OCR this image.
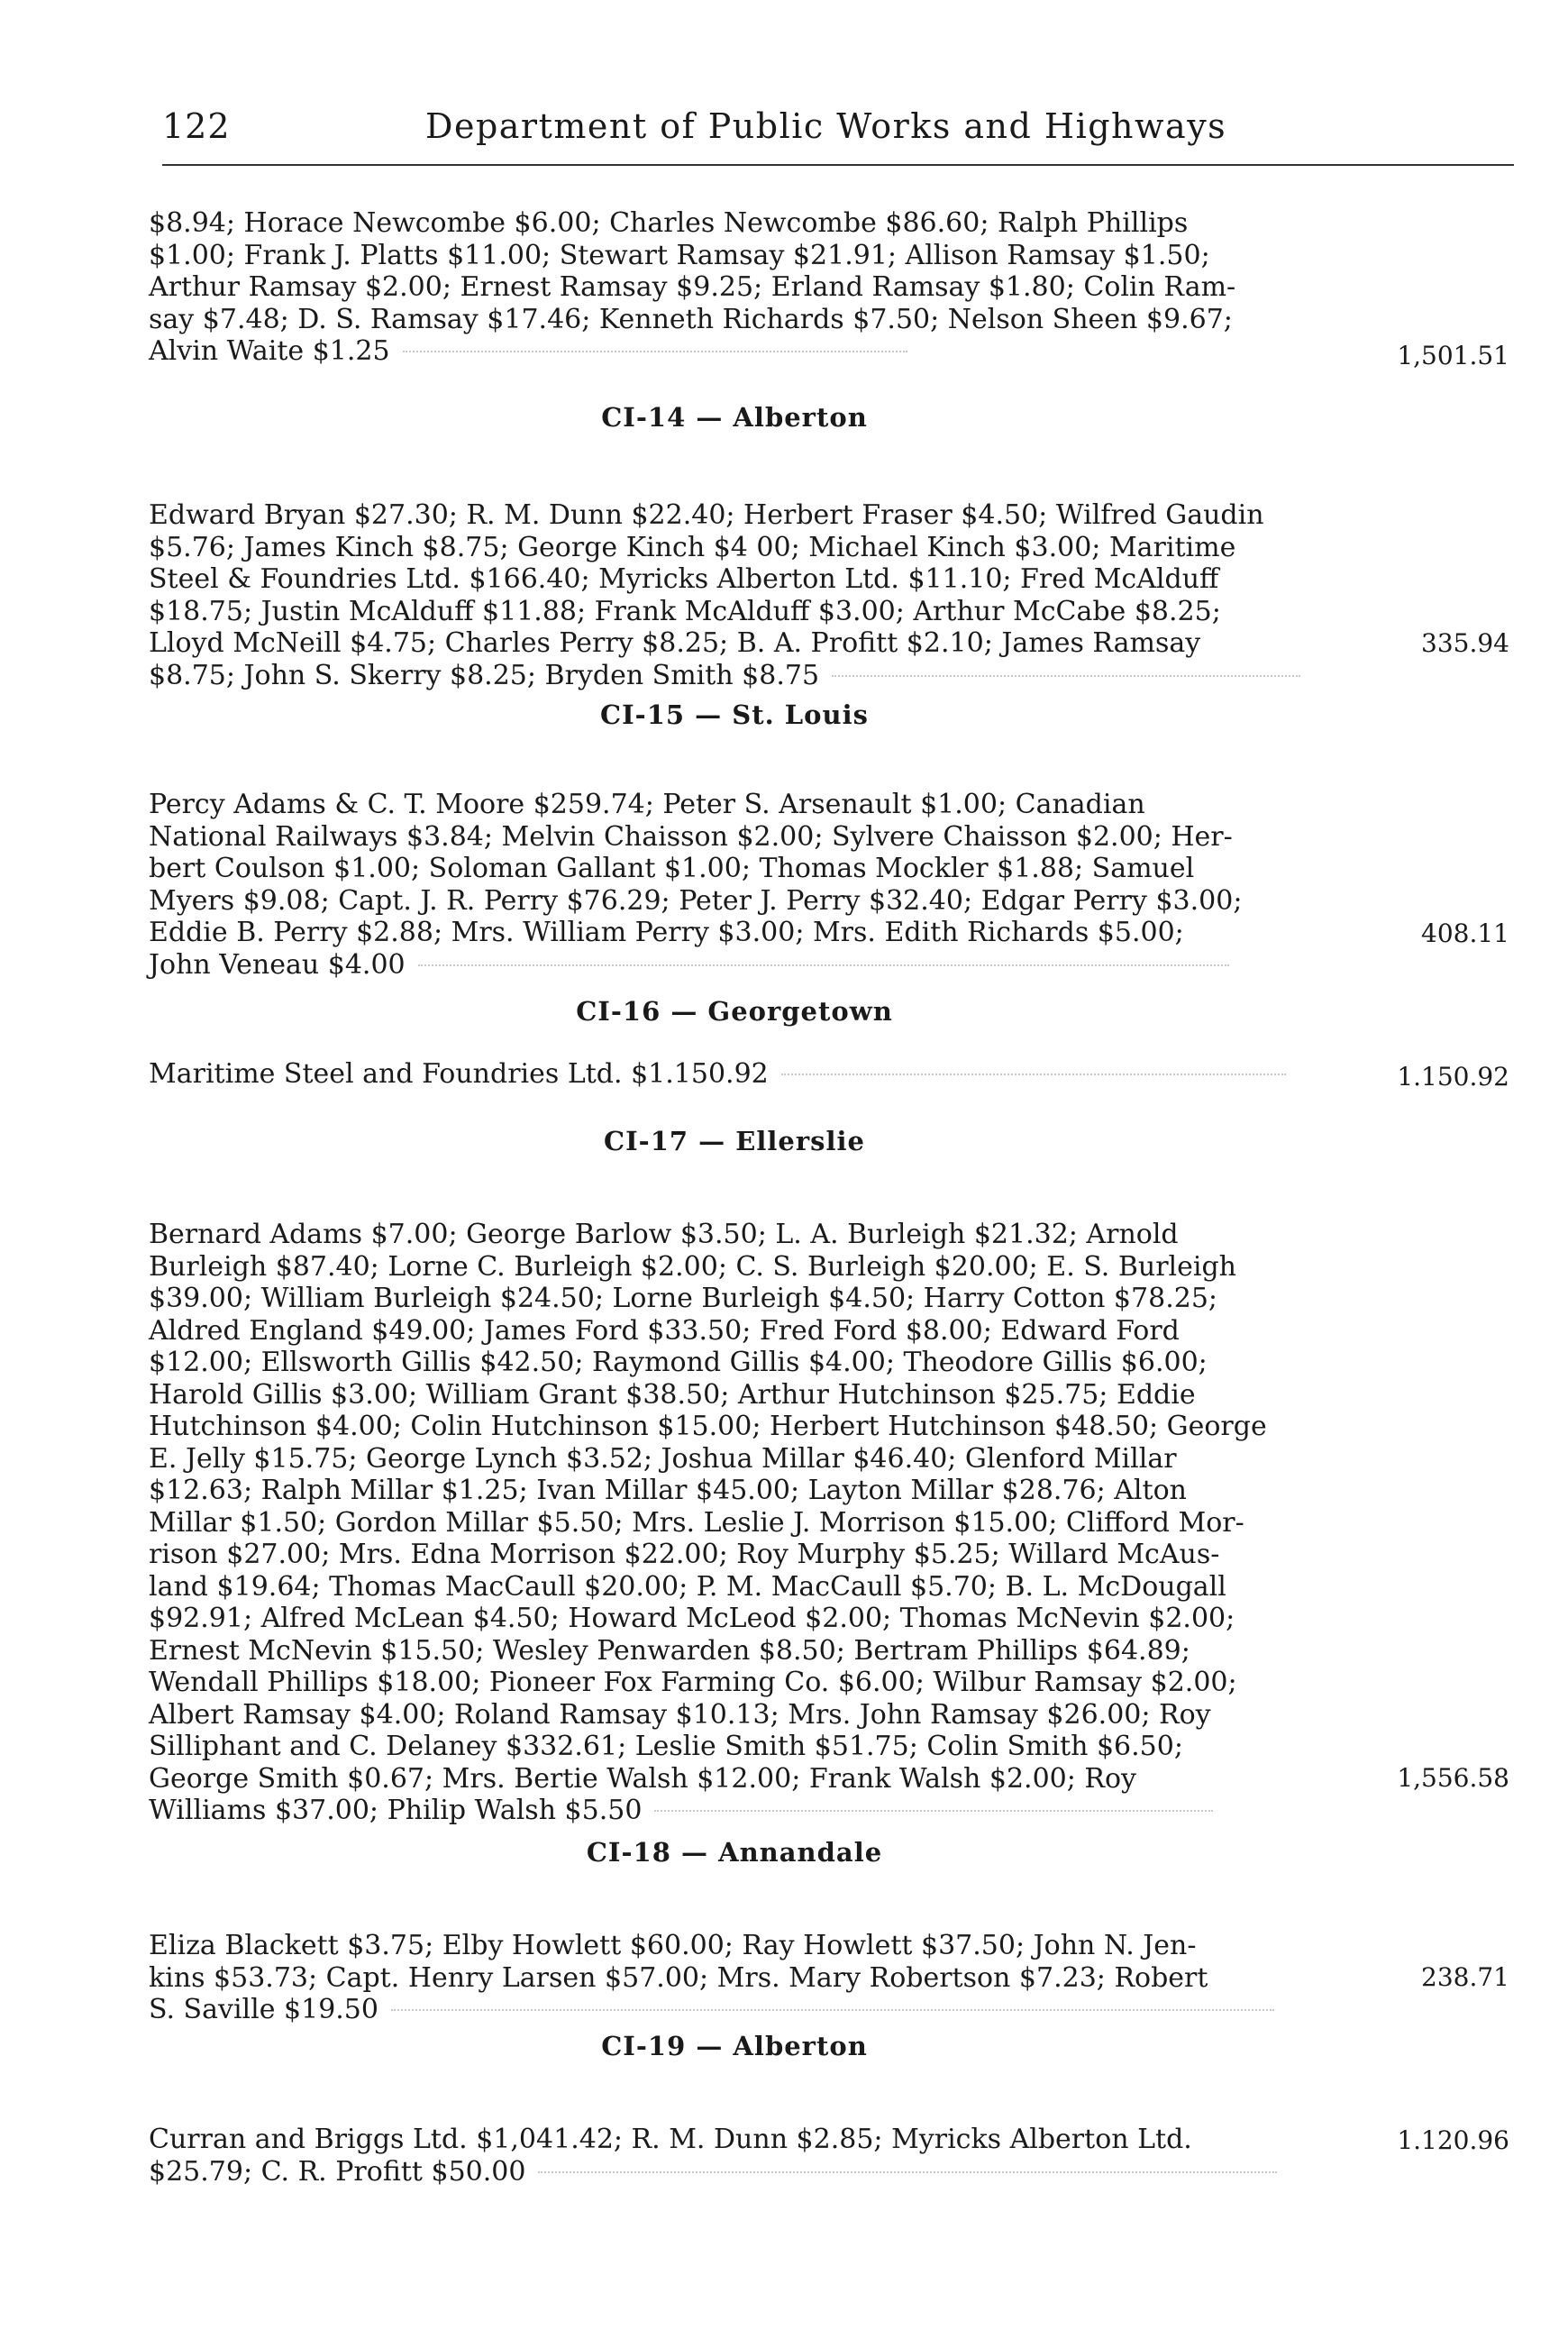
122	Department of Public Works and Highways
$8.94; Horace Newcombe $6.00; Charles Newcombe $86.60; Ralph Phillips
$1.00; Frank J. Platts $11.00; Stewart Ramsay $21.91; Allison Ramsay $1.50;
Arthur Ramsay $2.00; Ernest Ramsay $9.25; Erland Ramsay $1.80; Colin Ram-
say $7.48; D. S. Ramsay $17.46; Kenneth Richards $7.50; Nelson Sheen $9.67;
Alvin Waite $1.25	1,501.51
CI-14 — Alberton
Edward Bryan $27.30; R. M. Dunn $22.40; Herbert Fraser $4.50; Wilfred Gaudin
$5.76; James Kinch $8.75; George Kinch $4 00; Michael Kinch $3.00; Maritime
Steel & Foundries Ltd. $166.40; Myricks Alberton Ltd. $11.10; Fred McAlduff
$18.75; Justin McAlduff $11.88; Frank McAlduff $3.00; Arthur McCabe $8.25;
Lloyd McNeill $4.75; Charles Perry $8.25; B. A. Profitt $2.10; James Ramsay
$8.75; John S. Skerry $8.25; Bryden Smith $8.75
335.94
CI-15 — St. Louis
Percy Adams & C. T. Moore $259.74; Peter S. Arsenault $1.00; Canadian
National Railways $3.84; Melvin Chaisson $2.00; Sylvere Chaisson $2.00; Her-
bert Coulson $1.00; Soloman Gallant $1.00; Thomas Mockler $1.88; Samuel
Myers $9.08; Capt. J. R. Perry $76.29; Peter J. Perry $32.40; Edgar Perry $3.00;
Eddie B. Perry $2.88; Mrs. William Perry $3.00; Mrs. Edith Richards $5.00;
John Veneau $4.00
408.11
CI-16 — Georgetown
Maritime Steel and Foundries Ltd. $1.150.92	1.150.92
CI-17 — Ellerslie
Bernard Adams $7.00; George Barlow $3.50; L. A. Burleigh $21.32; Arnold
Burleigh $87.40; Lorne C. Burleigh $2.00; C. S. Burleigh $20.00; E. S. Burleigh
$39.00; William Burleigh $24.50; Lorne Burleigh $4.50; Harry Cotton $78.25;
Aldred England $49.00; James Ford $33.50; Fred Ford $8.00; Edward Ford
$12.00; Ellsworth Gillis $42.50; Raymond Gillis $4.00; Theodore Gillis $6.00;
Harold Gillis $3.00; William Grant $38.50; Arthur Hutchinson $25.75; Eddie
Hutchinson $4.00; Colin Hutchinson $15.00; Herbert Hutchinson $48.50; George
E. Jelly $15.75; George Lynch $3.52; Joshua Millar $46.40; Glenford Millar
$12.63; Ralph Millar $1.25; Ivan Millar $45.00; Layton Millar $28.76; Alton
Millar $1.50; Gordon Millar $5.50; Mrs. Leslie J. Morrison $15.00; Clifford Mor-
rison $27.00; Mrs. Edna Morrison $22.00; Roy Murphy $5.25; Willard McAus-
land $19.64; Thomas MacCaull $20.00; P. M. MacCaull $5.70; B. L. McDougall
$92.91; Alfred McLean $4.50; Howard McLeod $2.00; Thomas McNevin $2.00;
Ernest McNevin $15.50; Wesley Penwarden $8.50; Bertram Phillips $64.89;
Wendall Phillips $18.00; Pioneer Fox Farming Co. $6.00; Wilbur Ramsay $2.00;
Albert Ramsay $4.00; Roland Ramsay $10.13; Mrs. John Ramsay $26.00; Roy
Silliphant and C. Delaney $332.61; Leslie Smith $51.75; Colin Smith $6.50;
George Smith $0.67; Mrs. Bertie Walsh $12.00; Frank Walsh $2.00; Roy
Williams $37.00; Philip Walsh $5.50
1,556.58
CI-18 — Annandale
Eliza Blackett $3.75; Elby Howlett $60.00; Ray Howlett $37.50; John N. Jen-
kins $53.73; Capt. Henry Larsen $57.00; Mrs. Mary Robertson $7.23; Robert
S. Saville $19.50
238.71
CI-19 — Alberton
Curran and Briggs Ltd. $1,041.42; R. M. Dunn $2.85; Myricks Alberton Ltd.
$25.79; C. R. Profitt $50.00
1.120.96
